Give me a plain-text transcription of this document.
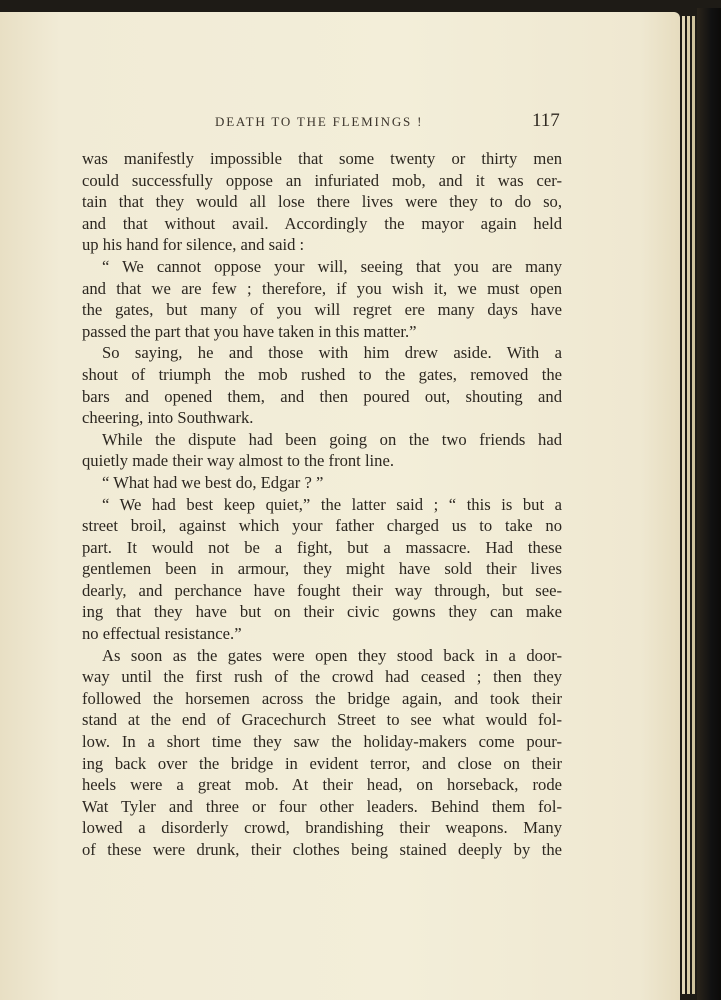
DEATH TO THE FLEMINGS !	117
was manifestly impossible that some twenty or thirty men
could successfully oppose an infuriated mob, and it was cer-
tain that they would all lose there lives were they to do so,
and that without avail. Accordingly the mayor again held
up his hand for silence, and said :
“ We cannot oppose your will, seeing that you are many
and that we are few ; therefore, if you wish it, we must open
the gates, but many of you will regret ere many days have
passed the part that you have taken in this matter.”
So saying, he and those with him drew aside. With a
shout of triumph the mob rushed to the gates, removed the
bars and opened them, and then poured out, shouting and
cheering, into Southwark.
While the dispute had been going on the two friends had
quietly made their way almost to the front line.
“ What had we best do, Edgar ? ”
“ We had best keep quiet,” the latter said ; “ this is but a
street broil, against which your father charged us to take no
part. It would not be a fight, but a massacre. Had these
gentlemen been in armour, they might have sold their lives
dearly, and perchance have fought their way through, but see-
ing that they have but on their civic gowns they can make
no effectual resistance.”
As soon as the gates were open they stood back in a door-
way until the first rush of the crowd had ceased ; then they
followed the horsemen across the bridge again, and took their
stand at the end of Gracechurch Street to see what would fol-
low. In a short time they saw the holiday-makers come pour-
ing back over the bridge in evident terror, and close on their
heels were a great mob. At their head, on horseback, rode
Wat Tyler and three or four other leaders. Behind them fol-
lowed a disorderly crowd, brandishing their weapons. Many
of these were drunk, their clothes being stained deeply by the
